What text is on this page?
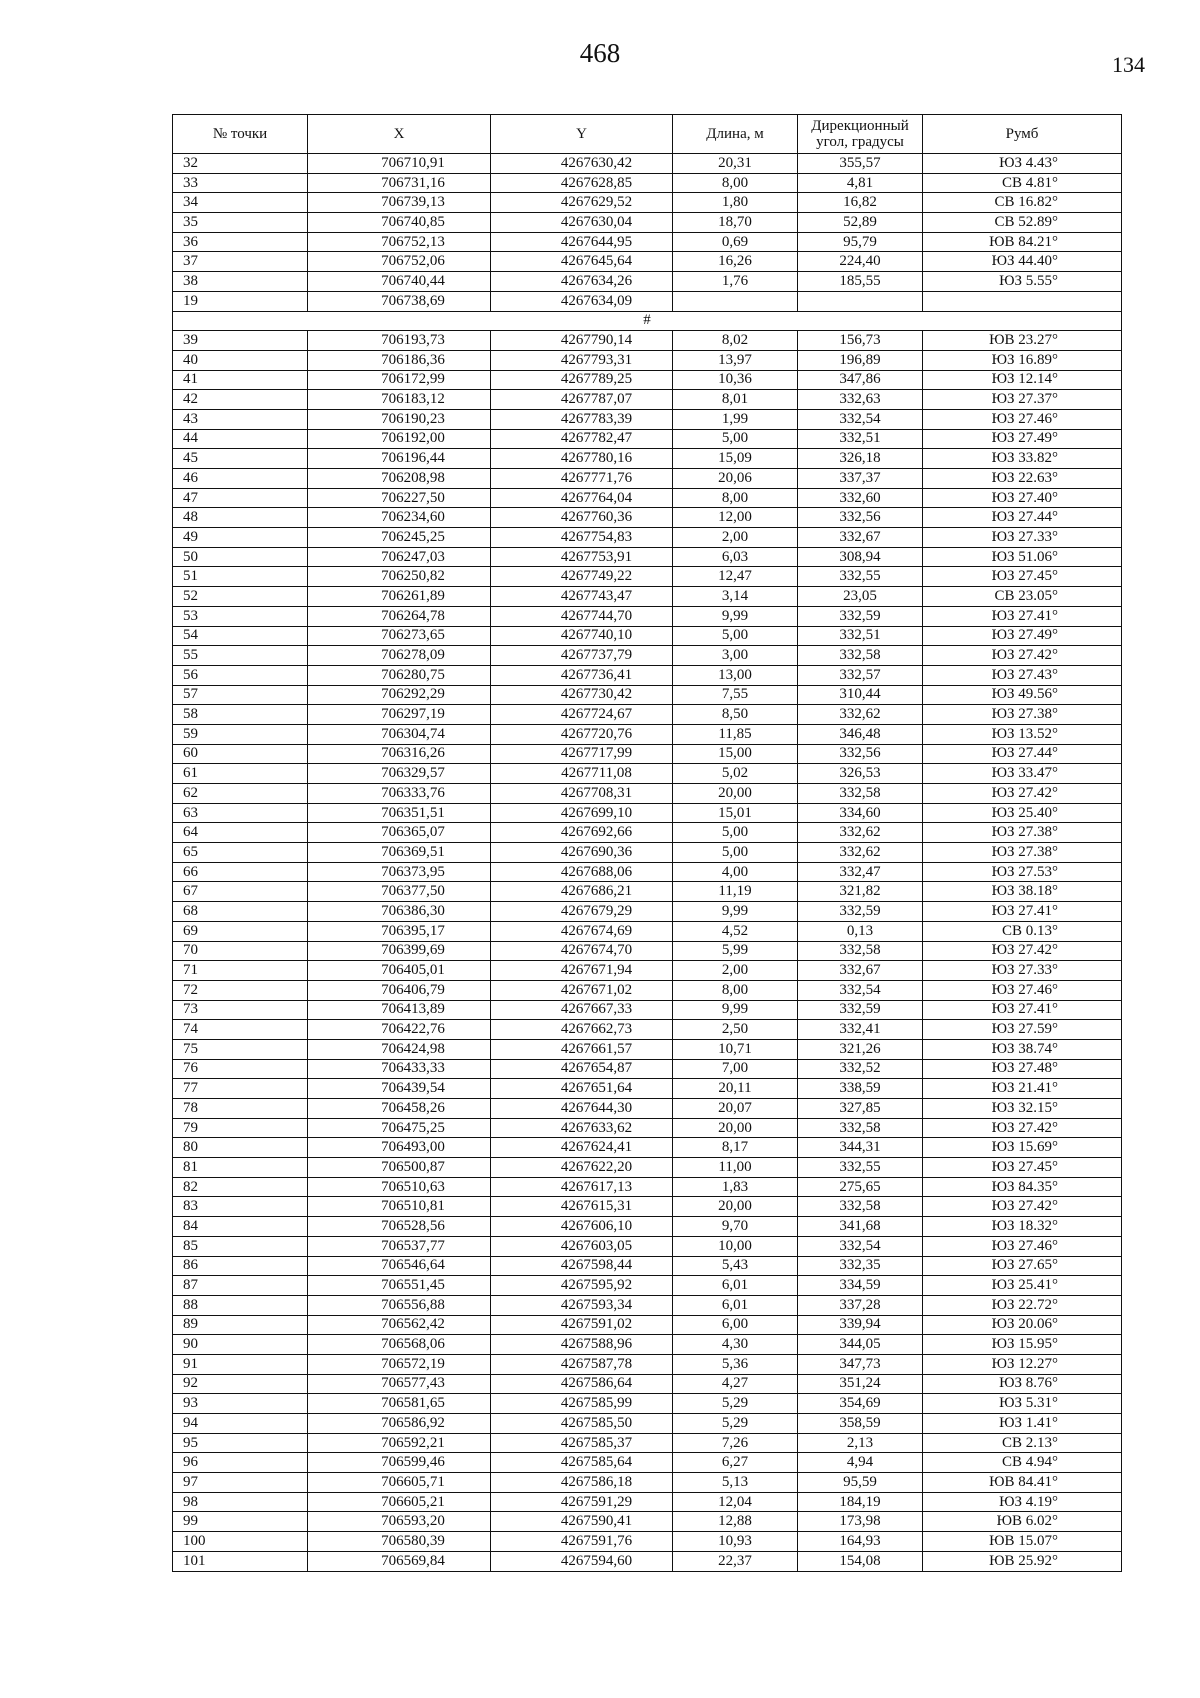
468	134
№ точки	X	Y	Длина, м	Дирекционный угол, градусы	Румб
32	706710,91	4267630,42	20,31	355,57	ЮЗ 4.43°
33	706731,16	4267628,85	8,00	4,81	СВ 4.81°
34	706739,13	4267629,52	1,80	16,82	СВ 16.82°
35	706740,85	4267630,04	18,70	52,89	СВ 52.89°
36	706752,13	4267644,95	0,69	95,79	ЮВ 84.21°
37	706752,06	4267645,64	16,26	224,40	ЮЗ 44.40°
38	706740,44	4267634,26	1,76	185,55	ЮЗ 5.55°
19	706738,69	4267634,09			
#					
39	706193,73	4267790,14	8,02	156,73	ЮВ 23.27°
40	706186,36	4267793,31	13,97	196,89	ЮЗ 16.89°
41	706172,99	4267789,25	10,36	347,86	ЮЗ 12.14°
42	706183,12	4267787,07	8,01	332,63	ЮЗ 27.37°
43	706190,23	4267783,39	1,99	332,54	ЮЗ 27.46°
44	706192,00	4267782,47	5,00	332,51	ЮЗ 27.49°
45	706196,44	4267780,16	15,09	326,18	ЮЗ 33.82°
46	706208,98	4267771,76	20,06	337,37	ЮЗ 22.63°
47	706227,50	4267764,04	8,00	332,60	ЮЗ 27.40°
48	706234,60	4267760,36	12,00	332,56	ЮЗ 27.44°
49	706245,25	4267754,83	2,00	332,67	ЮЗ 27.33°
50	706247,03	4267753,91	6,03	308,94	ЮЗ 51.06°
51	706250,82	4267749,22	12,47	332,55	ЮЗ 27.45°
52	706261,89	4267743,47	3,14	23,05	СВ 23.05°
53	706264,78	4267744,70	9,99	332,59	ЮЗ 27.41°
54	706273,65	4267740,10	5,00	332,51	ЮЗ 27.49°
55	706278,09	4267737,79	3,00	332,58	ЮЗ 27.42°
56	706280,75	4267736,41	13,00	332,57	ЮЗ 27.43°
57	706292,29	4267730,42	7,55	310,44	ЮЗ 49.56°
58	706297,19	4267724,67	8,50	332,62	ЮЗ 27.38°
59	706304,74	4267720,76	11,85	346,48	ЮЗ 13.52°
60	706316,26	4267717,99	15,00	332,56	ЮЗ 27.44°
61	706329,57	4267711,08	5,02	326,53	ЮЗ 33.47°
62	706333,76	4267708,31	20,00	332,58	ЮЗ 27.42°
63	706351,51	4267699,10	15,01	334,60	ЮЗ 25.40°
64	706365,07	4267692,66	5,00	332,62	ЮЗ 27.38°
65	706369,51	4267690,36	5,00	332,62	ЮЗ 27.38°
66	706373,95	4267688,06	4,00	332,47	ЮЗ 27.53°
67	706377,50	4267686,21	11,19	321,82	ЮЗ 38.18°
68	706386,30	4267679,29	9,99	332,59	ЮЗ 27.41°
69	706395,17	4267674,69	4,52	0,13	СВ 0.13°
70	706399,69	4267674,70	5,99	332,58	ЮЗ 27.42°
71	706405,01	4267671,94	2,00	332,67	ЮЗ 27.33°
72	706406,79	4267671,02	8,00	332,54	ЮЗ 27.46°
73	706413,89	4267667,33	9,99	332,59	ЮЗ 27.41°
74	706422,76	4267662,73	2,50	332,41	ЮЗ 27.59°
75	706424,98	4267661,57	10,71	321,26	ЮЗ 38.74°
76	706433,33	4267654,87	7,00	332,52	ЮЗ 27.48°
77	706439,54	4267651,64	20,11	338,59	ЮЗ 21.41°
78	706458,26	4267644,30	20,07	327,85	ЮЗ 32.15°
79	706475,25	4267633,62	20,00	332,58	ЮЗ 27.42°
80	706493,00	4267624,41	8,17	344,31	ЮЗ 15.69°
81	706500,87	4267622,20	11,00	332,55	ЮЗ 27.45°
82	706510,63	4267617,13	1,83	275,65	ЮЗ 84.35°
83	706510,81	4267615,31	20,00	332,58	ЮЗ 27.42°
84	706528,56	4267606,10	9,70	341,68	ЮЗ 18.32°
85	706537,77	4267603,05	10,00	332,54	ЮЗ 27.46°
86	706546,64	4267598,44	5,43	332,35	ЮЗ 27.65°
87	706551,45	4267595,92	6,01	334,59	ЮЗ 25.41°
88	706556,88	4267593,34	6,01	337,28	ЮЗ 22.72°
89	706562,42	4267591,02	6,00	339,94	ЮЗ 20.06°
90	706568,06	4267588,96	4,30	344,05	ЮЗ 15.95°
91	706572,19	4267587,78	5,36	347,73	ЮЗ 12.27°
92	706577,43	4267586,64	4,27	351,24	ЮЗ 8.76°
93	706581,65	4267585,99	5,29	354,69	ЮЗ 5.31°
94	706586,92	4267585,50	5,29	358,59	ЮЗ 1.41°
95	706592,21	4267585,37	7,26	2,13	СВ 2.13°
96	706599,46	4267585,64	6,27	4,94	СВ 4.94°
97	706605,71	4267586,18	5,13	95,59	ЮВ 84.41°
98	706605,21	4267591,29	12,04	184,19	ЮЗ 4.19°
99	706593,20	4267590,41	12,88	173,98	ЮВ 6.02°
100	706580,39	4267591,76	10,93	164,93	ЮВ 15.07°
101	706569,84	4267594,60	22,37	154,08	ЮВ 25.92°
